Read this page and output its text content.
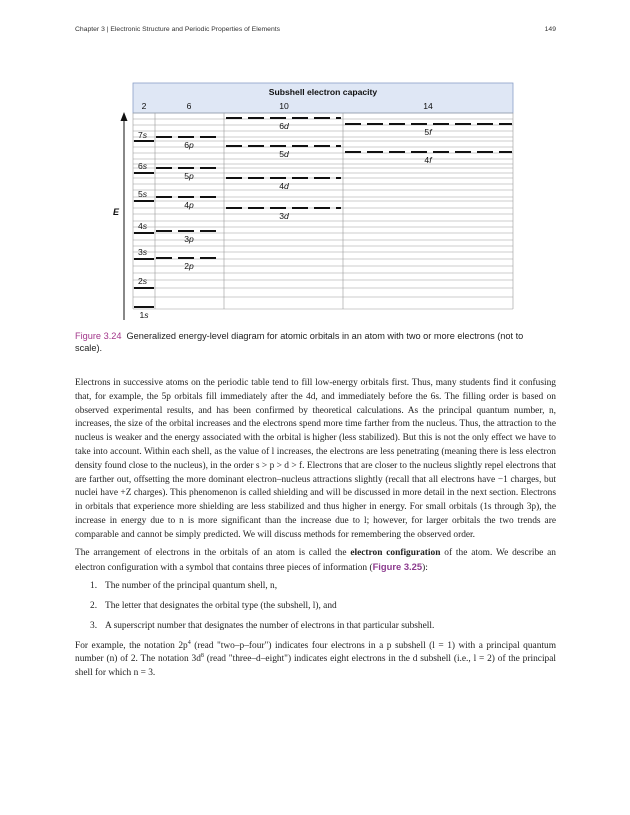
Chapter 3 | Electronic Structure and Periodic Properties of Elements	149
Subshell electron capacity
2	6	10	14
E
1s
2s
3s
4s
5s
6s
7s
2p
3p
4p
5p
6p
3d
4d
5d
6d
4f
5f
Figure 3.24 Generalized energy-level diagram for atomic orbitals in an atom with two or more electrons (not to scale).

Electrons in successive atoms on the periodic table tend to fill low-energy orbitals first. Thus, many students find it confusing that, for example, the 5p orbitals fill immediately after the 4d, and immediately before the 6s. The filling order is based on observed experimental results, and has been confirmed by theoretical calculations. As the principal quantum number, n, increases, the size of the orbital increases and the electrons spend more time farther from the nucleus. Thus, the attraction to the nucleus is weaker and the energy associated with the orbital is higher (less stabilized). But this is not the only effect we have to take into account. Within each shell, as the value of l increases, the electrons are less penetrating (meaning there is less electron density found close to the nucleus), in the order s > p > d > f. Electrons that are closer to the nucleus slightly repel electrons that are farther out, offsetting the more dominant electron–nucleus attractions slightly (recall that all electrons have −1 charges, but nuclei have +Z charges). This phenomenon is called shielding and will be discussed in more detail in the next section. Electrons in orbitals that experience more shielding are less stabilized and thus higher in energy. For small orbitals (1s through 3p), the increase in energy due to n is more significant than the increase due to l; however, for larger orbitals the two trends are comparable and cannot be simply predicted. We will discuss methods for remembering the observed order.

The arrangement of electrons in the orbitals of an atom is called the electron configuration of the atom. We describe an electron configuration with a symbol that contains three pieces of information (Figure 3.25):

1. The number of the principal quantum shell, n,
2. The letter that designates the orbital type (the subshell, l), and
3. A superscript number that designates the number of electrons in that particular subshell.

For example, the notation $2p^4$ (read "two–p–four") indicates four electrons in a p subshell (l = 1) with a principal quantum number (n) of 2. The notation $3d^8$ (read "three–d–eight") indicates eight electrons in the d subshell (i.e., l = 2) of the principal shell for which n = 3.
